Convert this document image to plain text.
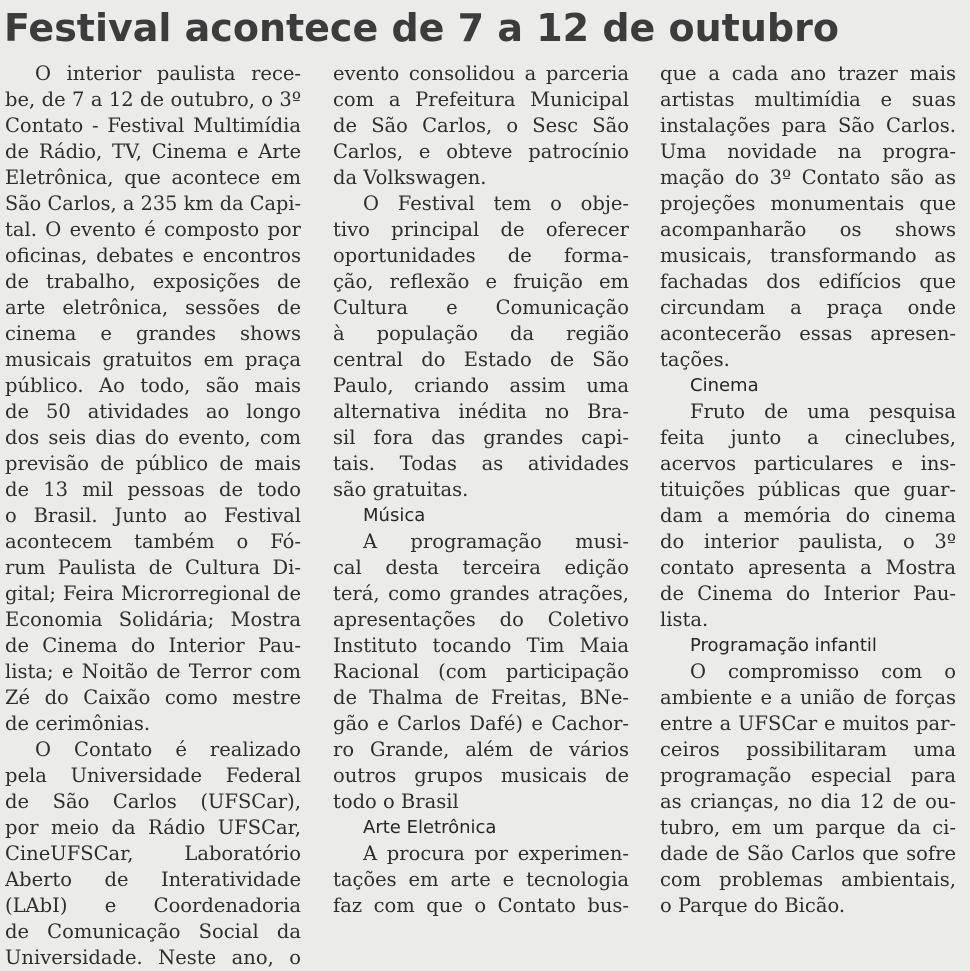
Festival acontece de 7 a 12 de outubro
O interior paulista rece-
be, de 7 a 12 de outubro, o 3º
Contato - Festival Multimídia
de Rádio, TV, Cinema e Arte
Eletrônica, que acontece em
São Carlos, a 235 km da Capi-
tal. O evento é composto por
oficinas, debates e encontros
de trabalho, exposições de
arte eletrônica, sessões de
cinema e grandes shows
musicais gratuitos em praça
público. Ao todo, são mais
de 50 atividades ao longo
dos seis dias do evento, com
previsão de público de mais
de 13 mil pessoas de todo
o Brasil. Junto ao Festival
acontecem também o Fó-
rum Paulista de Cultura Di-
gital; Feira Microrregional de
Economia Solidária; Mostra
de Cinema do Interior Pau-
lista; e Noitão de Terror com
Zé do Caixão como mestre
de cerimônias.
O Contato é realizado
pela Universidade Federal
de São Carlos (UFSCar),
por meio da Rádio UFSCar,
CineUFSCar, Laboratório
Aberto de Interatividade
(LAbI) e Coordenadoria
de Comunicação Social da
Universidade. Neste ano, o
evento consolidou a parceria
com a Prefeitura Municipal
de São Carlos, o Sesc São
Carlos, e obteve patrocínio
da Volkswagen.
O Festival tem o obje-
tivo principal de oferecer
oportunidades de forma-
ção, reflexão e fruição em
Cultura e Comunicação
à população da região
central do Estado de São
Paulo, criando assim uma
alternativa inédita no Bra-
sil fora das grandes capi-
tais. Todas as atividades
são gratuitas.
Música
A programação musi-
cal desta terceira edição
terá, como grandes atrações,
apresentações do Coletivo
Instituto tocando Tim Maia
Racional (com participação
de Thalma de Freitas, BNe-
gão e Carlos Dafé) e Cachor-
ro Grande, além de vários
outros grupos musicais de
todo o Brasil
Arte Eletrônica
A procura por experimen-
tações em arte e tecnologia
faz com que o Contato bus-
que a cada ano trazer mais
artistas multimídia e suas
instalações para São Carlos.
Uma novidade na progra-
mação do 3º Contato são as
projeções monumentais que
acompanharão os shows
musicais, transformando as
fachadas dos edifícios que
circundam a praça onde
acontecerão essas apresen-
tações.
Cinema
Fruto de uma pesquisa
feita junto a cineclubes,
acervos particulares e ins-
tituições públicas que guar-
dam a memória do cinema
do interior paulista, o 3º
contato apresenta a Mostra
de Cinema do Interior Pau-
lista.
Programação infantil
O compromisso com o
ambiente e a união de forças
entre a UFSCar e muitos par-
ceiros possibilitaram uma
programação especial para
as crianças, no dia 12 de ou-
tubro, em um parque da ci-
dade de São Carlos que sofre
com problemas ambientais,
o Parque do Bicão.
